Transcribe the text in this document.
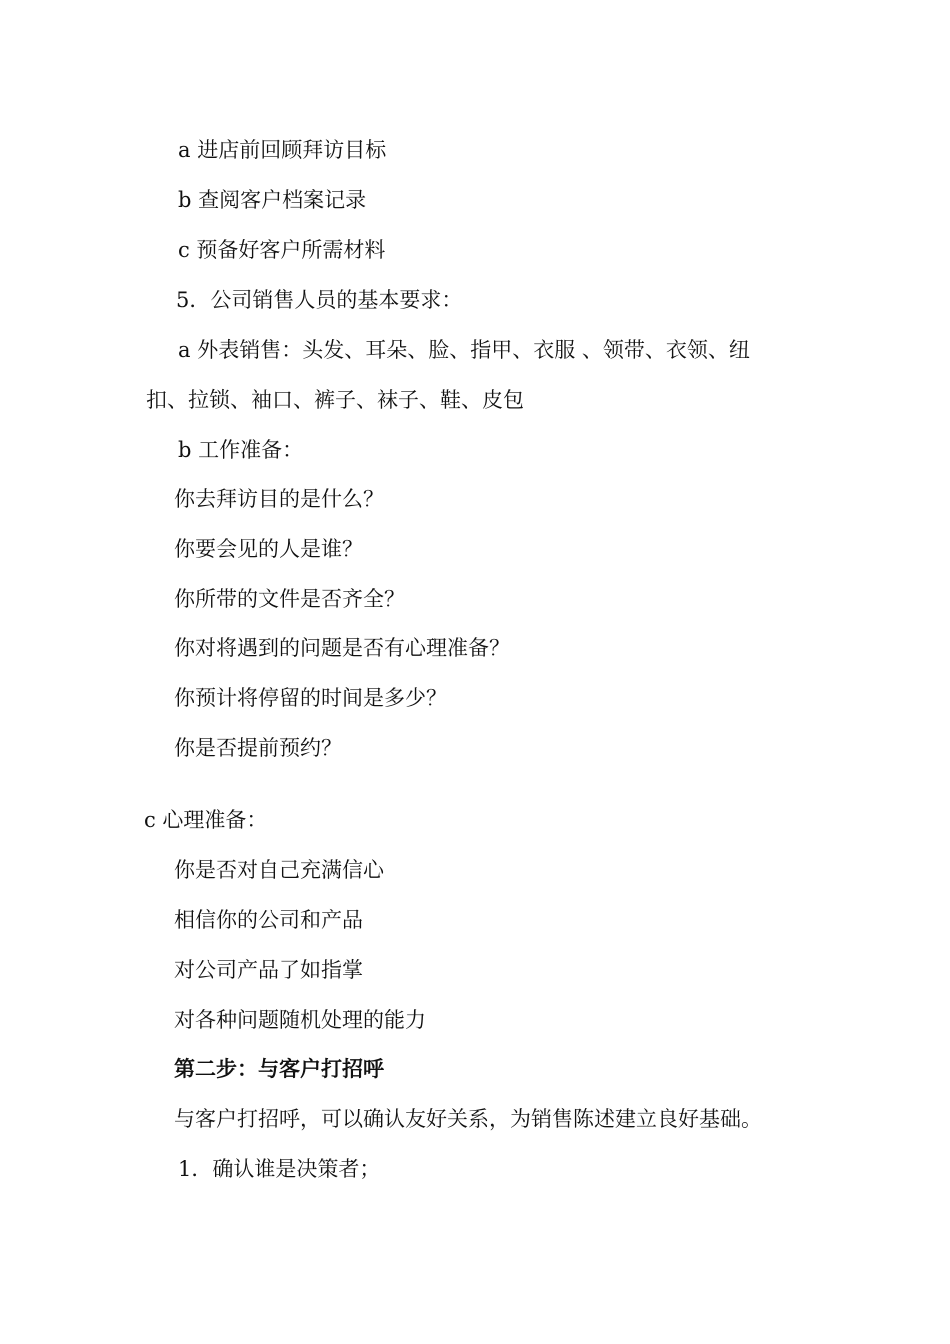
a 进店前回顾拜访目标
b 查阅客户档案记录
c 预备好客户所需材料
5．公司销售人员的基本要求：
a 外表销售：头发、耳朵、脸、指甲、衣服 、领带、衣领、纽
扣、拉锁、袖口、裤子、袜子、鞋、皮包
b 工作准备：
你去拜访目的是什么？
你要会见的人是谁？
你所带的文件是否齐全？
你对将遇到的问题是否有心理准备？
你预计将停留的时间是多少？
你是否提前预约？
c 心理准备：
你是否对自己充满信心
相信你的公司和产品
对公司产品了如指掌
对各种问题随机处理的能力
第二步：与客户打招呼
与客户打招呼，可以确认友好关系，为销售陈述建立良好基础。
1．确认谁是决策者；
